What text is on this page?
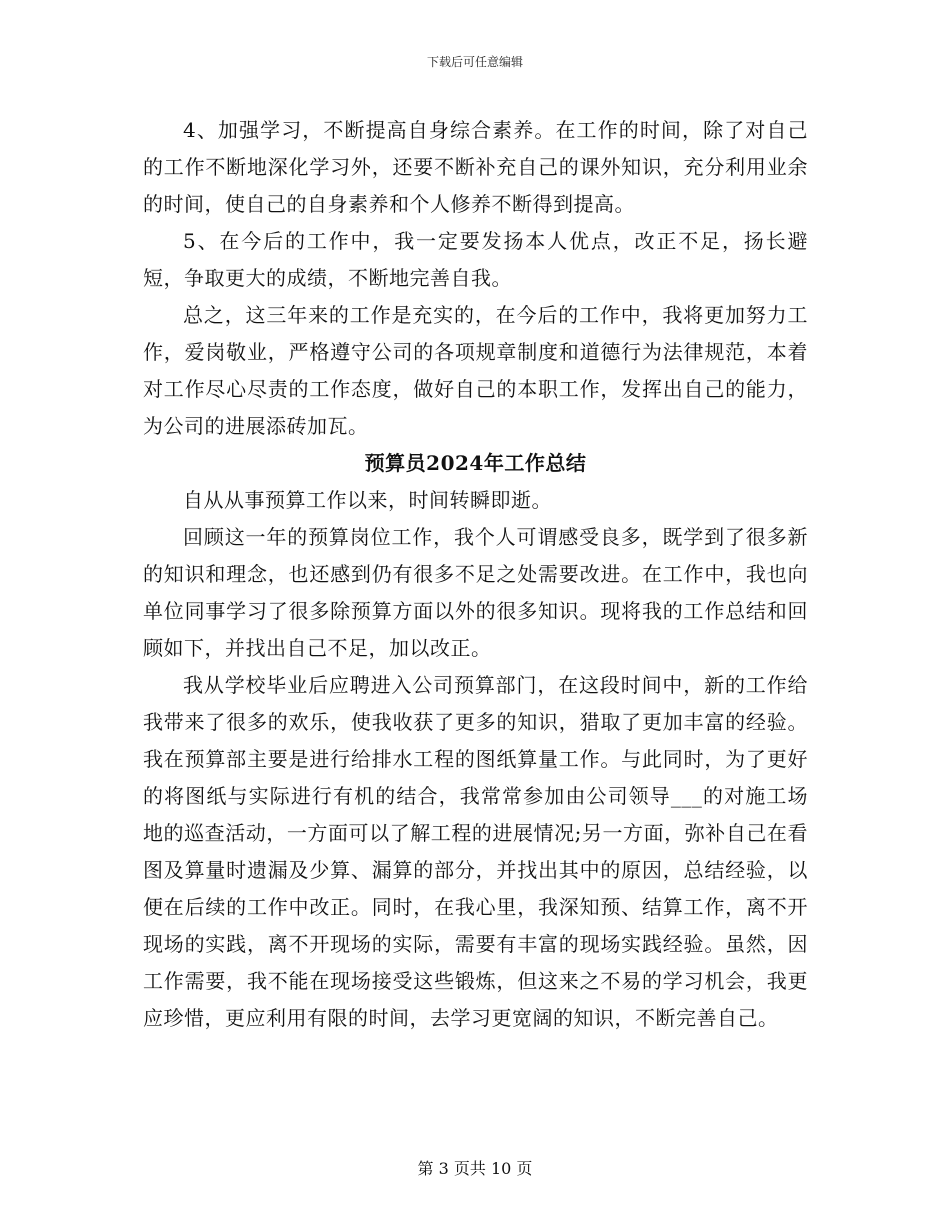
下载后可任意编辑

4、加强学习，不断提高自身综合素养。在工作的时间，除了对自己的工作不断地深化学习外，还要不断补充自己的课外知识，充分利用业余的时间，使自己的自身素养和个人修养不断得到提高。

5、在今后的工作中，我一定要发扬本人优点，改正不足，扬长避短，争取更大的成绩，不断地完善自我。

总之，这三年来的工作是充实的，在今后的工作中，我将更加努力工作，爱岗敬业，严格遵守公司的各项规章制度和道德行为法律规范，本着对工作尽心尽责的工作态度，做好自己的本职工作，发挥出自己的能力，为公司的进展添砖加瓦。

预算员2024年工作总结

自从从事预算工作以来，时间转瞬即逝。

回顾这一年的预算岗位工作，我个人可谓感受良多，既学到了很多新的知识和理念，也还感到仍有很多不足之处需要改进。在工作中，我也向单位同事学习了很多除预算方面以外的很多知识。现将我的工作总结和回顾如下，并找出自己不足，加以改正。

我从学校毕业后应聘进入公司预算部门，在这段时间中，新的工作给我带来了很多的欢乐，使我收获了更多的知识，猎取了更加丰富的经验。我在预算部主要是进行给排水工程的图纸算量工作。与此同时，为了更好的将图纸与实际进行有机的结合，我常常参加由公司领导___的对施工场地的巡查活动，一方面可以了解工程的进展情况;另一方面，弥补自己在看图及算量时遗漏及少算、漏算的部分，并找出其中的原因，总结经验，以便在后续的工作中改正。同时，在我心里，我深知预、结算工作，离不开现场的实践，离不开现场的实际，需要有丰富的现场实践经验。虽然，因工作需要，我不能在现场接受这些锻炼，但这来之不易的学习机会，我更应珍惜，更应利用有限的时间，去学习更宽阔的知识，不断完善自己。

第 3 页共 10 页
